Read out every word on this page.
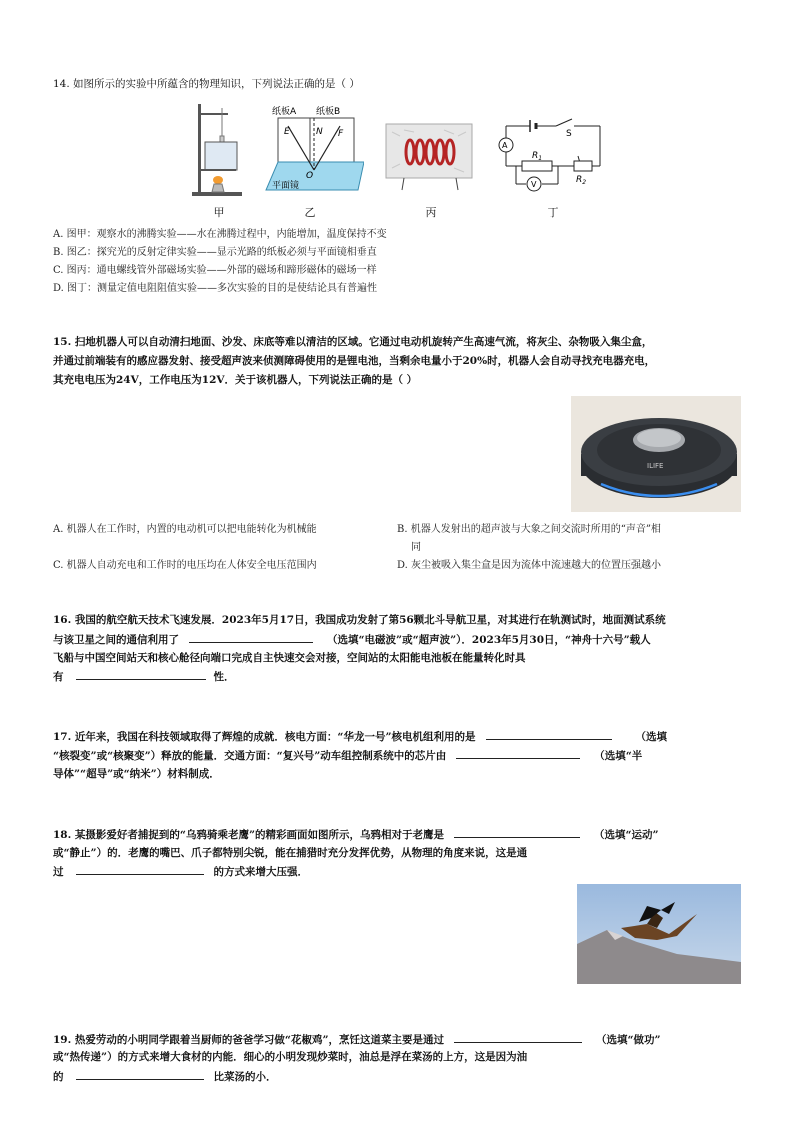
14. 如图所示的实验中所蕴含的物理知识，下列说法正确的是（ ）
甲
纸板A 纸板B
E	N F
O
平面镜
乙	丙
A
V
S
$R_1$
$R_2$
丁
A. 图甲：观察水的沸腾实验——水在沸腾过程中，内能增加，温度保持不变
B. 图乙：探究光的反射定律实验——显示光路的纸板必须与平面镜相垂直
C. 图丙：通电螺线管外部磁场实验——外部的磁场和蹄形磁体的磁场一样
D. 图丁：测量定值电阻阻值实验——多次实验的目的是使结论具有普遍性
15. 扫地机器人可以自动清扫地面、沙发、床底等难以清洁的区域。它通过电动机旋转产生高速气流，将灰尘、杂物吸入集尘盒，
并通过前端装有的感应器发射、接受超声波来侦测障碍使用的是锂电池，当剩余电量小于20%时，机器人会自动寻找充电器充电，
其充电电压为24V，工作电压为12V．关于该机器人，下列说法正确的是（ ）
ILIFE
A. 机器人在工作时，内置的电动机可以把电能转化为机械能	B. 机器人发射出的超声波与大象之间交流时所用的“声音”相
同
C. 机器人自动充电和工作时的电压均在人体安全电压范围内	D. 灰尘被吸入集尘盒是因为流体中流速越大的位置压强越小
16. 我国的航空航天技术飞速发展．2023年5月17日，我国成功发射了第56颗北斗导航卫星，对其进行在轨测试时，地面测试系统
与该卫星之间的通信利用了	（选填“电磁波”或“超声波”）．2023年5月30日，“神舟十六号”载人
飞船与中国空间站天和核心舱径向端口完成自主快速交会对接，空间站的太阳能电池板在能量转化时具
有	性．
17. 近年来，我国在科技领域取得了辉煌的成就．核电方面：“华龙一号”核电机组利用的是	（选填
“核裂变”或“核聚变”）释放的能量．交通方面：“复兴号”动车组控制系统中的芯片由	（选填“半
导体”“超导”或“纳米”）材料制成．
18. 某摄影爱好者捕捉到的“乌鸦骑乘老鹰”的精彩画面如图所示，乌鸦相对于老鹰是	（选填“运动”
或“静止”）的．老鹰的嘴巴、爪子都特别尖锐，能在捕猎时充分发挥优势，从物理的角度来说，这是通
过	的方式来增大压强．
19. 热爱劳动的小明同学跟着当厨师的爸爸学习做“花椒鸡”，烹饪这道菜主要是通过	（选填“做功”
或“热传递”）的方式来增大食材的内能．细心的小明发现炒菜时，油总是浮在菜汤的上方，这是因为油
的	比菜汤的小．
